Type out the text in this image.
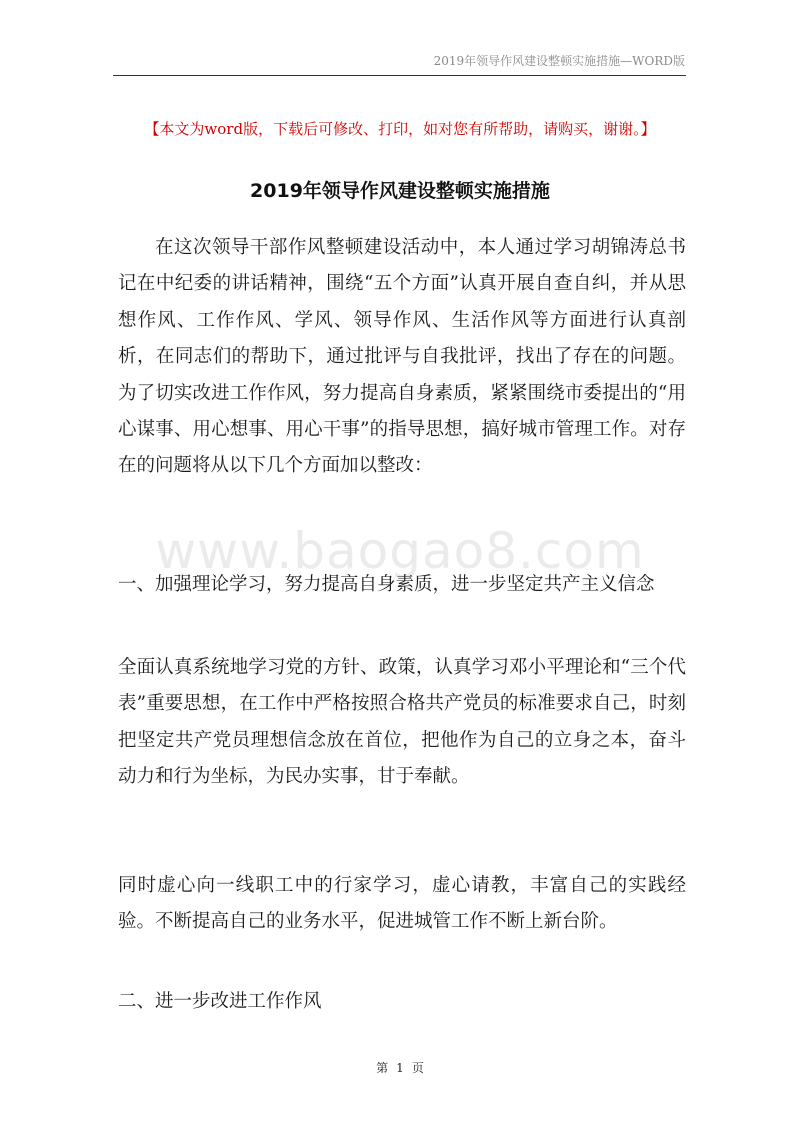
2019年领导作风建设整顿实施措施—WORD版
【本文为word版，下载后可修改、打印，如对您有所帮助，请购买，谢谢。】
2019年领导作风建设整顿实施措施
www.baogao8.com

在这次领导干部作风整顿建设活动中，本人通过学习胡锦涛总书记在中纪委的讲话精神，围绕“五个方面”认真开展自查自纠，并从思想作风、工作作风、学风、领导作风、生活作风等方面进行认真剖析，在同志们的帮助下，通过批评与自我批评，找出了存在的问题。为了切实改进工作作风，努力提高自身素质，紧紧围绕市委提出的“用心谋事、用心想事、用心干事”的指导思想，搞好城市管理工作。对存在的问题将从以下几个方面加以整改：

一、加强理论学习，努力提高自身素质，进一步坚定共产主义信念

全面认真系统地学习党的方针、政策，认真学习邓小平理论和“三个代表”重要思想，在工作中严格按照合格共产党员的标准要求自己，时刻把坚定共产党员理想信念放在首位，把他作为自己的立身之本，奋斗动力和行为坐标，为民办实事，甘于奉献。

同时虚心向一线职工中的行家学习，虚心请教，丰富自己的实践经验。不断提高自己的业务水平，促进城管工作不断上新台阶。

二、进一步改进工作作风

第 1 页
